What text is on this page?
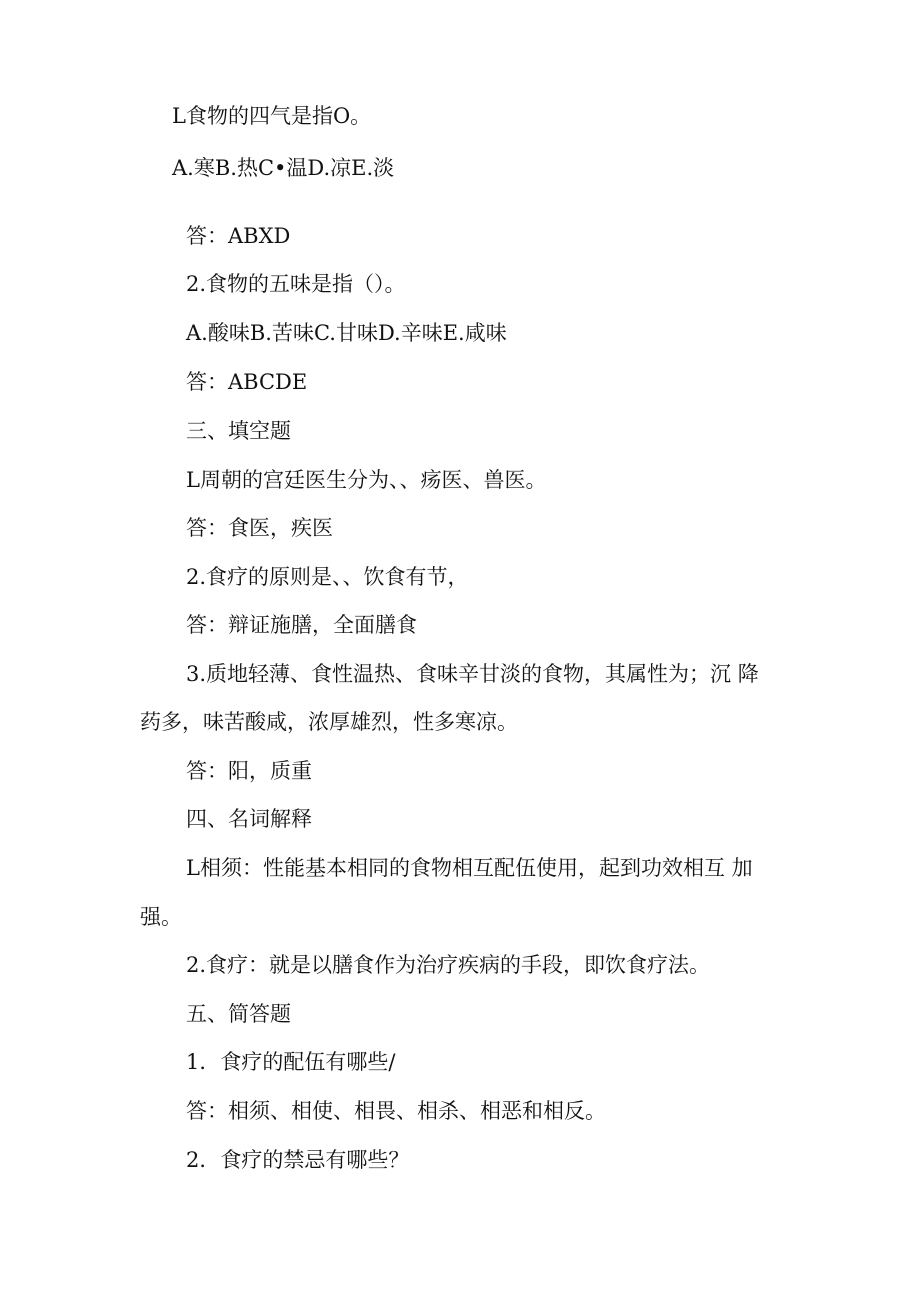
L食物的四气是指O。
A.寒B.热C•温D.凉E.淡
答：ABXD
2.食物的五味是指（）。
A.酸味B.苦味C.甘味D.辛味E.咸味
答：ABCDE
三、填空题
L周朝的宫廷医生分为、、疡医、兽医。
答：食医，疾医
2.食疗的原则是、、饮食有节，
答：辩证施膳，全面膳食
3.质地轻薄、食性温热、食味辛甘淡的食物，其属性为；沉 降
药多，味苦酸咸，浓厚雄烈，性多寒凉。
答：阳，质重
四、名词解释
L相须：性能基本相同的食物相互配伍使用，起到功效相互 加
强。
2.食疗：就是以膳食作为治疗疾病的手段，即饮食疗法。
五、简答题
1．食疗的配伍有哪些/
答：相须、相使、相畏、相杀、相恶和相反。
2．食疗的禁忌有哪些？
